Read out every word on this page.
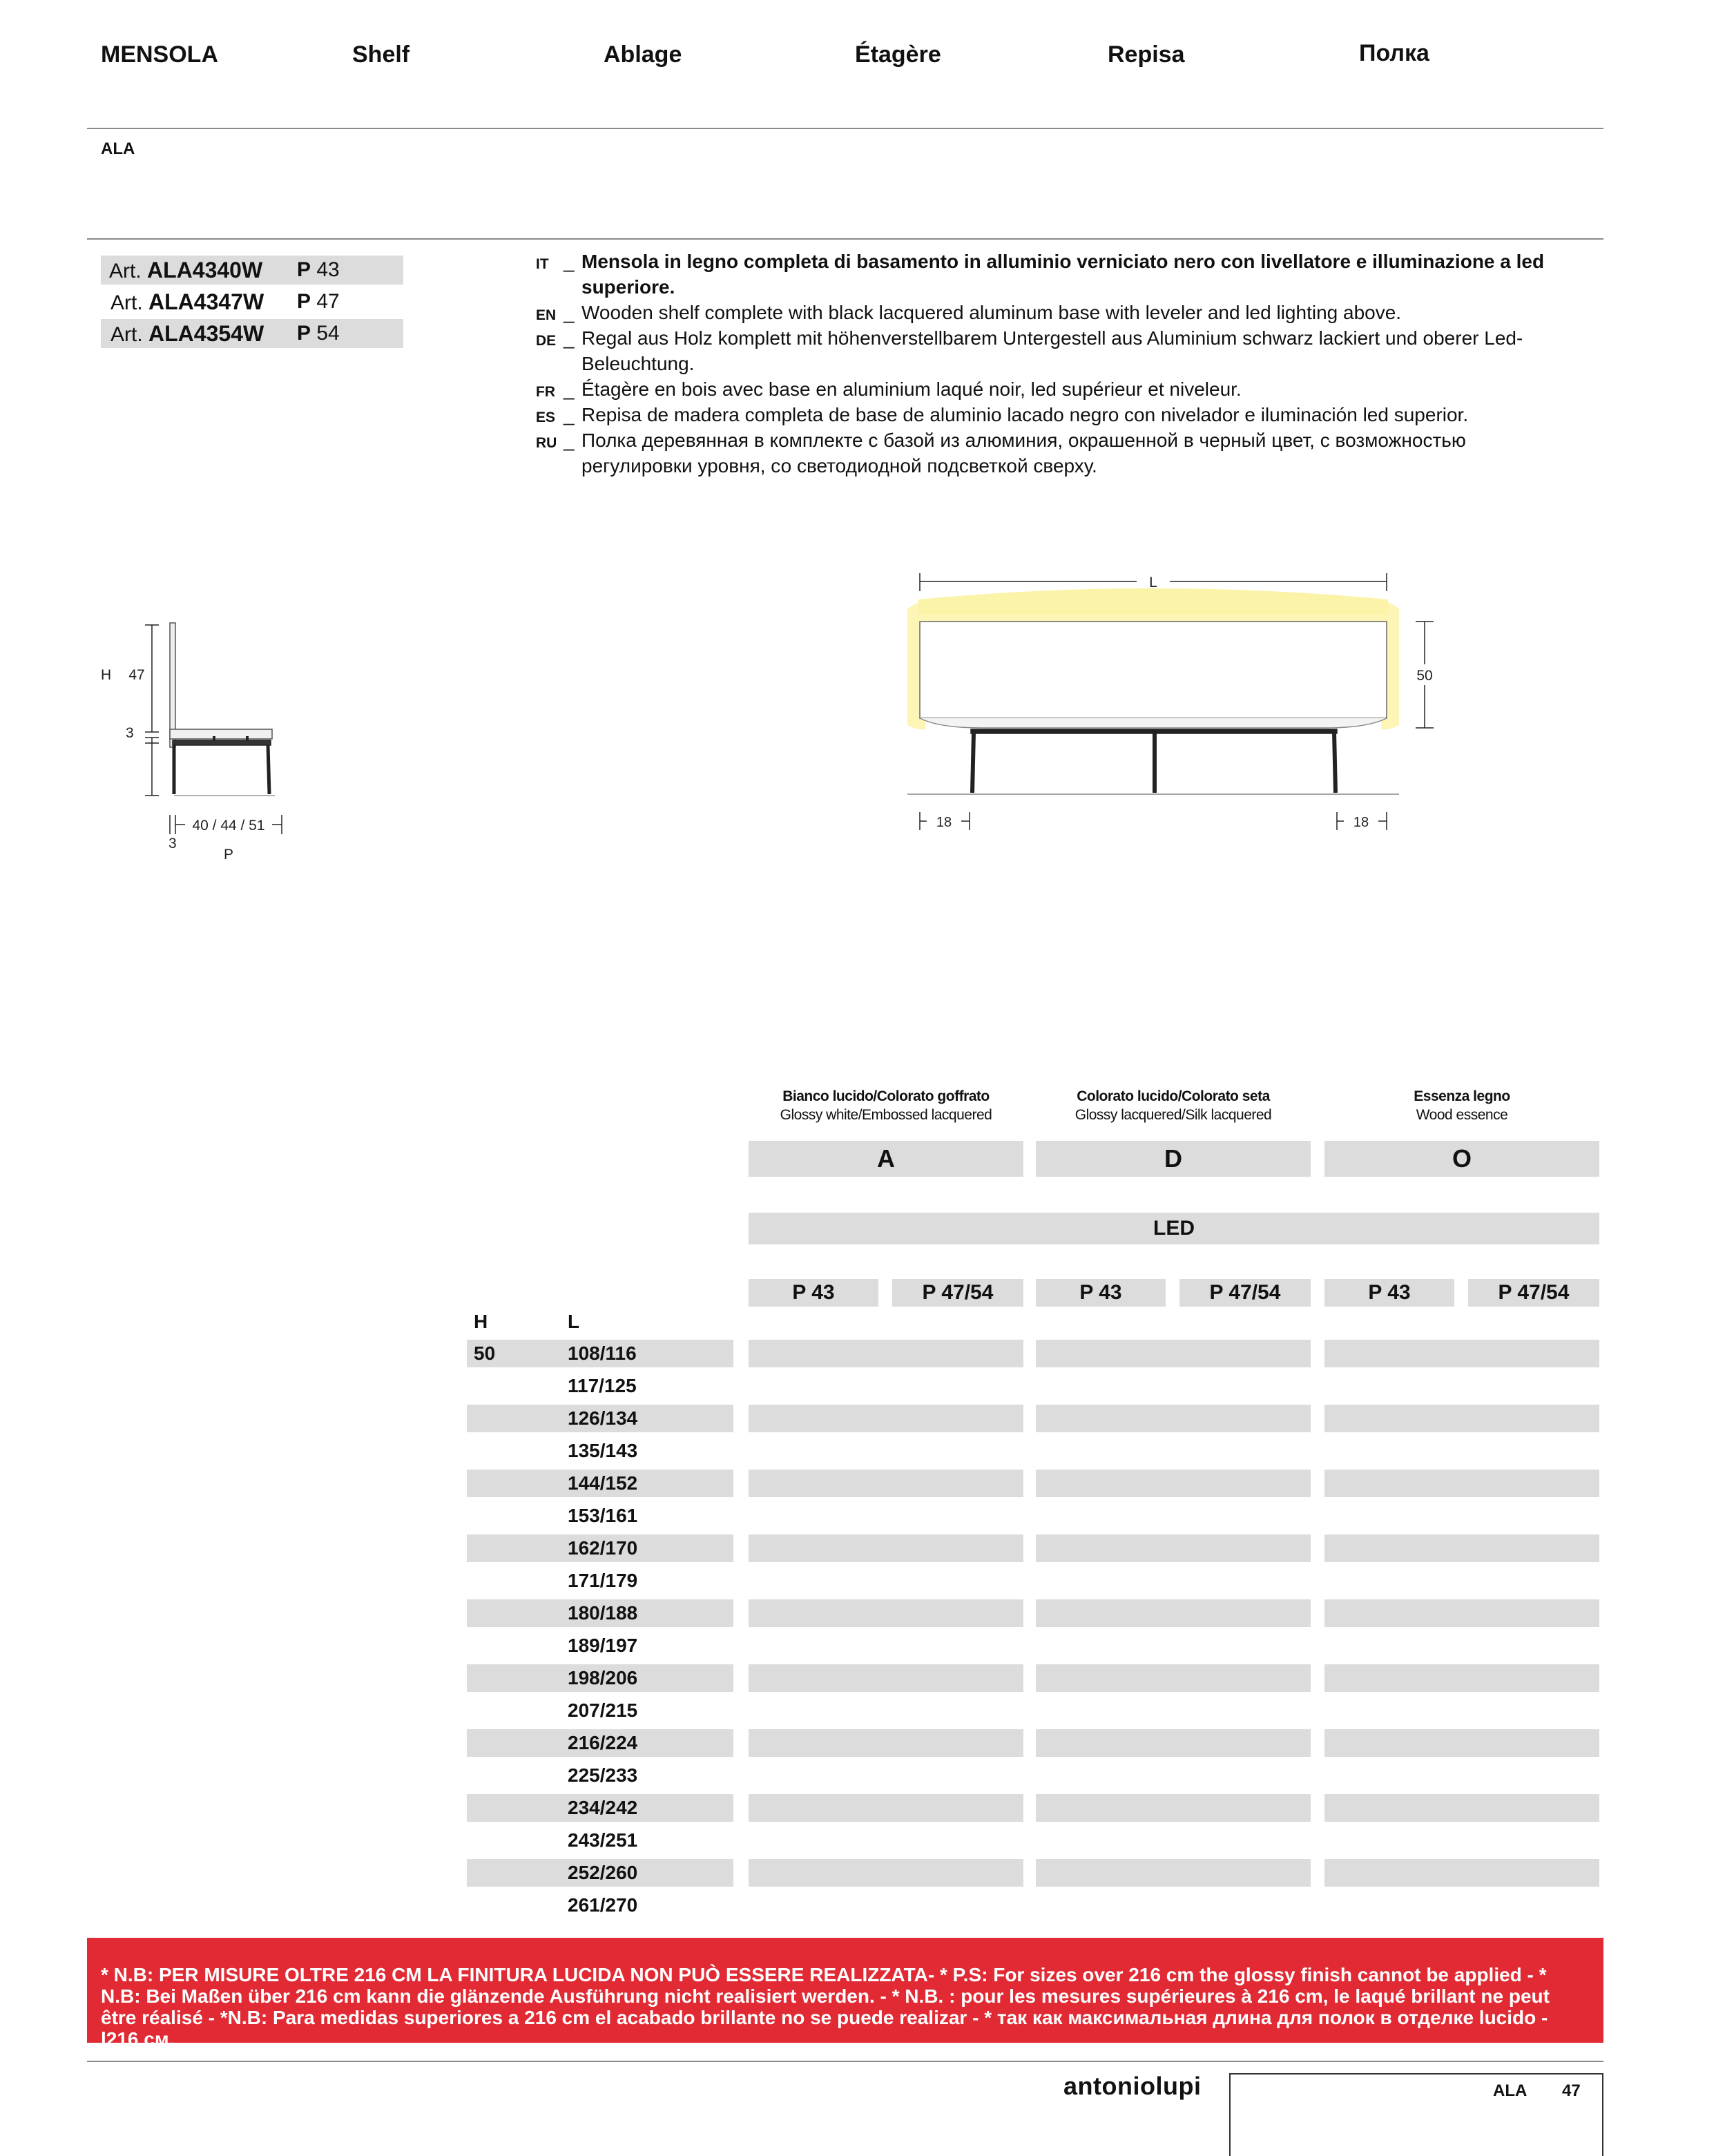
MENSOLA	Shelf	Ablage	Étagère	Repisa	Полка
ALA
Art. ALA4340W P 43
Art. ALA4347W P 47
Art. ALA4354W P 54
IT _ Mensola in legno completa di basamento in alluminio verniciato nero con livellatore e illuminazione a led superiore.
EN _ Wooden shelf complete with black lacquered aluminum base with leveler and led lighting above.
DE _ Regal aus Holz komplett mit höhenverstellbarem Untergestell aus Aluminium schwarz lackiert und oberer Led-Beleuchtung.
FR _ Étagère en bois avec base en aluminium laqué noir, led supérieur et niveleur.
ES _ Repisa de madera completa de base de aluminio lacado negro con nivelador e iluminación led superior.
RU _ Полка деревянная в комплекте с базой из алюминия, окрашенной в черный цвет, с возможностью регулировки уровня, со светодиодной подсветкой сверху.
H 47
3
40 / 44 / 51
3
P
L
50
18	18
Bianco lucido/Colorato goffrato
Glossy white/Embossed lacquered
Colorato lucido/Colorato seta
Glossy lacquered/Silk lacquered
Essenza legno
Wood essence
A	D	O
LED
P 43	P 47/54	P 43	P 47/54	P 43	P 47/54
H	L
50	108/116
117/125
126/134
135/143
144/152
153/161
162/170
171/179
180/188
189/197
198/206
207/215
216/224
225/233
234/242
243/251
252/260
261/270
* N.B: PER MISURE OLTRE 216 CM LA FINITURA LUCIDA NON PUÒ ESSERE REALIZZATA- * P.S: For sizes over 216 cm the glossy finish cannot be applied - * N.B: Bei Maßen über 216 cm kann die glänzende Ausführung nicht realisiert werden. - * N.B. : pour les mesures supérieures à 216 cm, le laqué brillant ne peut être réalisé - *N.B: Para medidas superiores a 216 cm el acabado brillante no se puede realizar - * так как максимальная длина для полок в отделке lucido - l216 см.
antoniolupi	ALA 47
